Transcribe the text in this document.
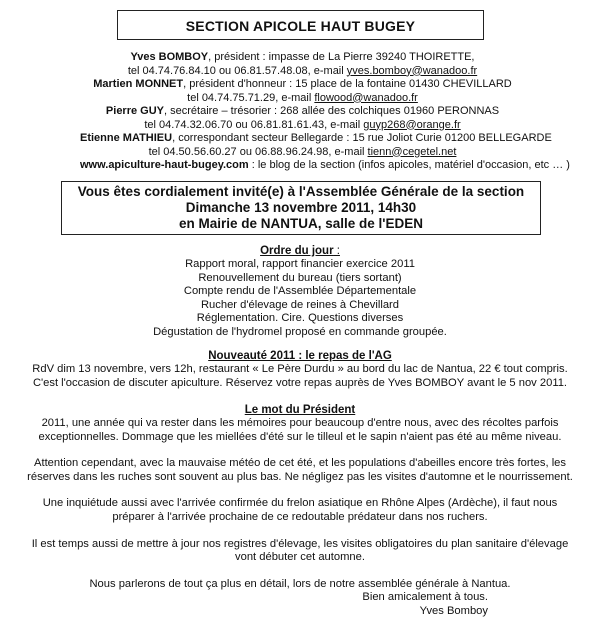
SECTION APICOLE HAUT BUGEY
Yves BOMBOY, président : impasse de La Pierre 39240 THOIRETTE,
tel 04.74.76.84.10 ou 06.81.57.48.08, e-mail yves.bomboy@wanadoo.fr
Martien MONNET, président d'honneur : 15 place de la fontaine 01430 CHEVILLARD
tel 04.74.75.71.29, e-mail flowood@wanadoo.fr
Pierre GUY, secrétaire – trésorier : 268 allée des colchiques 01960 PERONNAS
tel 04.74.32.06.70 ou 06.81.81.61.43, e-mail guyp268@orange.fr
Etienne MATHIEU, correspondant secteur Bellegarde : 15 rue Joliot Curie 01200 BELLEGARDE
tel 04.50.56.60.27 ou 06.88.96.24.98, e-mail tienn@cegetel.net
www.apiculture-haut-bugey.com : le blog de la section (infos apicoles, matériel d'occasion, etc … )

Vous êtes cordialement invité(e) à l'Assemblée Générale de la section

Dimanche 13 novembre 2011, 14h30

en Mairie de NANTUA, salle de l'EDEN

Ordre du jour :
Rapport moral, rapport financier exercice 2011
Renouvellement du bureau (tiers sortant)
Compte rendu de l'Assemblée Départementale
Rucher d'élevage de reines à Chevillard
Réglementation. Cire. Questions diverses
Dégustation de l'hydromel proposé en commande groupée.
Nouveauté 2011 : le repas de l'AG
RdV dim 13 novembre, vers 12h, restaurant « Le Père Durdu » au bord du lac de Nantua, 22 € tout compris.
C'est l'occasion de discuter apiculture. Réservez votre repas auprès de Yves BOMBOY avant le 5 nov 2011.
Le mot du Président
2011, une année qui va rester dans les mémoires pour beaucoup d'entre nous, avec des récoltes parfois
exceptionnelles. Dommage que les miellées d'été sur le tilleul et le sapin n'aient pas été au même niveau.
Attention cependant, avec la mauvaise météo de cet été, et les populations d'abeilles encore très fortes, les
réserves dans les ruches sont souvent au plus bas. Ne négligez pas les visites d'automne et le nourrissement.
Une inquiétude aussi avec l'arrivée confirmée du frelon asiatique en Rhône Alpes (Ardèche), il faut nous
préparer à l'arrivée prochaine de ce redoutable prédateur dans nos ruchers.
Il est temps aussi de mettre à jour nos registres d'élevage, les visites obligatoires du plan sanitaire d'élevage
vont débuter cet automne.
Nous parlerons de tout ça plus en détail, lors de notre assemblée générale à Nantua.
Bien amicalement à tous.
Yves Bomboy
